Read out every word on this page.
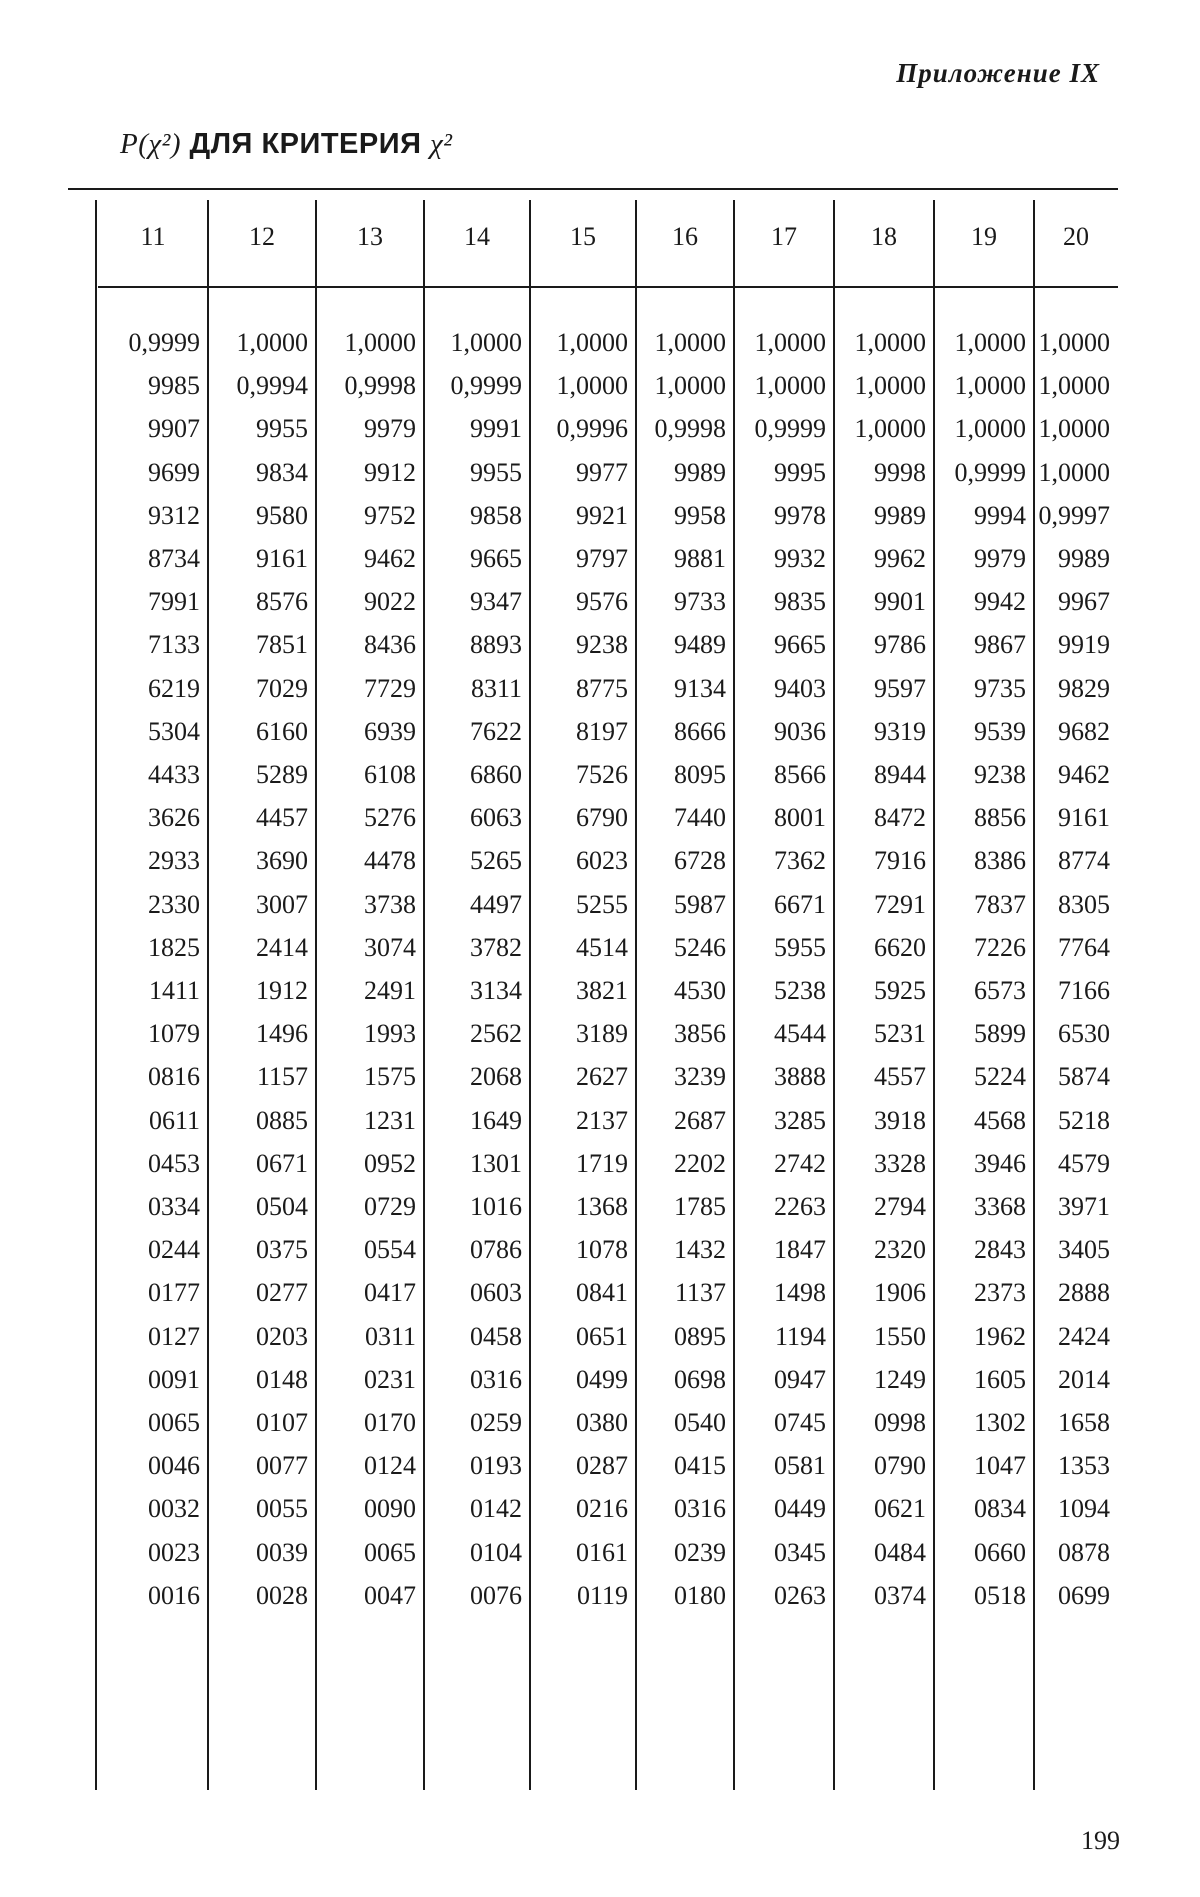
Приложение IX
P(χ²) ДЛЯ КРИТЕРИЯ χ²
11	12	13	14	15	16	17	18	19	20
0,9999	1,0000	1,0000	1,0000	1,0000	1,0000	1,0000	1,0000	1,0000 1,0000
9985	0,9994	0,9998	0,9999	1,0000	1,0000	1,0000	1,0000	1,0000 1,0000
9907	9955	9979	9991	0,9996	0,9998	0,9999	1,0000	1,0000 1,0000
9699	9834	9912	9955	9977	9989	9995	9998	0,9999 1,0000
9312	9580	9752	9858	9921	9958	9978	9989	9994 0,9997
8734	9161	9462	9665	9797	9881	9932	9962	9979	9989
7991	8576	9022	9347	9576	9733	9835	9901	9942	9967
7133	7851	8436	8893	9238	9489	9665	9786	9867	9919
6219	7029	7729	8311	8775	9134	9403	9597	9735	9829
5304	6160	6939	7622	8197	8666	9036	9319	9539	9682
4433	5289	6108	6860	7526	8095	8566	8944	9238	9462
3626	4457	5276	6063	6790	7440	8001	8472	8856	9161
2933	3690	4478	5265	6023	6728	7362	7916	8386	8774
2330	3007	3738	4497	5255	5987	6671	7291	7837	8305
1825	2414	3074	3782	4514	5246	5955	6620	7226	7764
1411	1912	2491	3134	3821	4530	5238	5925	6573	7166
1079	1496	1993	2562	3189	3856	4544	5231	5899	6530
0816	1157	1575	2068	2627	3239	3888	4557	5224	5874
0611	0885	1231	1649	2137	2687	3285	3918	4568	5218
0453	0671	0952	1301	1719	2202	2742	3328	3946	4579
0334	0504	0729	1016	1368	1785	2263	2794	3368	3971
0244	0375	0554	0786	1078	1432	1847	2320	2843	3405
0177	0277	0417	0603	0841	1137	1498	1906	2373	2888
0127	0203	0311	0458	0651	0895	1194	1550	1962	2424
0091	0148	0231	0316	0499	0698	0947	1249	1605	2014
0065	0107	0170	0259	0380	0540	0745	0998	1302	1658
0046	0077	0124	0193	0287	0415	0581	0790	1047	1353
0032	0055	0090	0142	0216	0316	0449	0621	0834	1094
0023	0039	0065	0104	0161	0239	0345	0484	0660	0878
0016	0028	0047	0076	0119	0180	0263	0374	0518	0699
199
